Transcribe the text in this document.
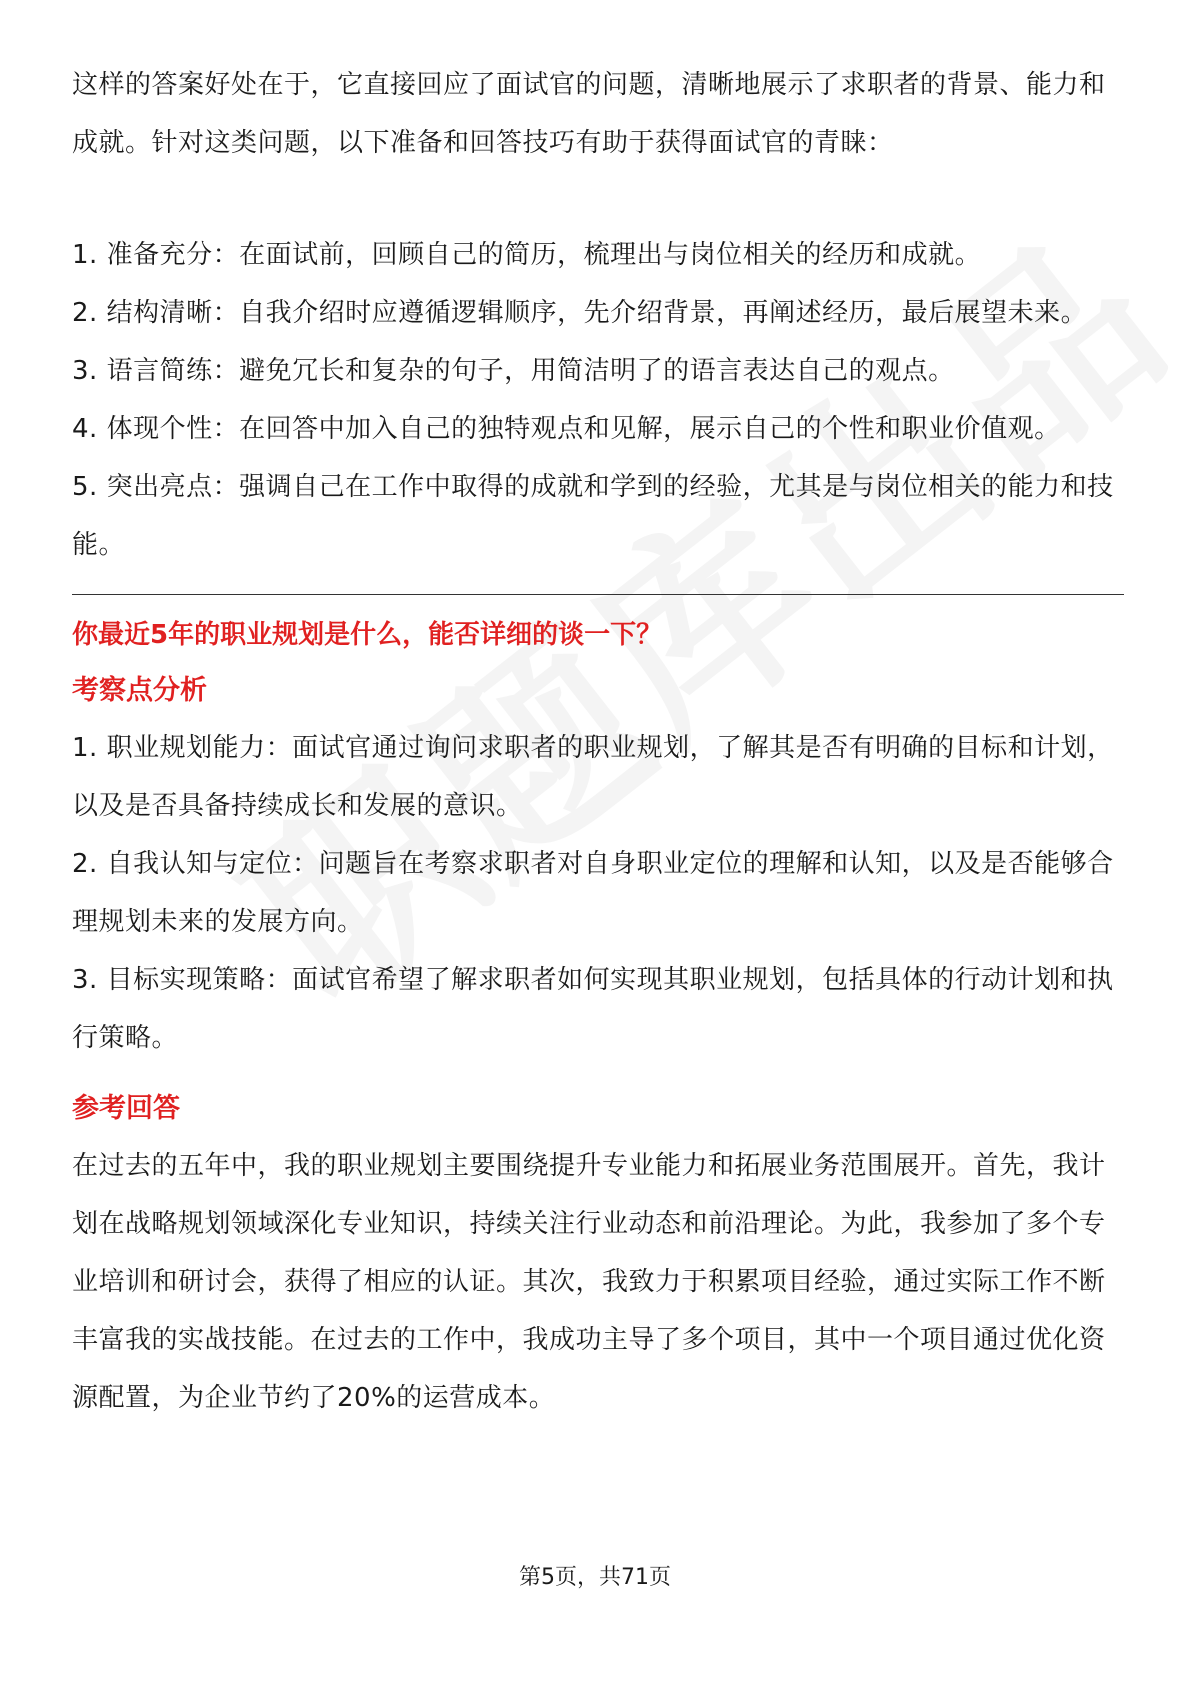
这样的答案好处在于，它直接回应了面试官的问题，清晰地展示了求职者的背景、能力和成就。针对这类问题，以下准备和回答技巧有助于获得面试官的青睐：

1. 准备充分：在面试前，回顾自己的简历，梳理出与岗位相关的经历和成就。

2. 结构清晰：自我介绍时应遵循逻辑顺序，先介绍背景，再阐述经历，最后展望未来。

3. 语言简练：避免冗长和复杂的句子，用简洁明了的语言表达自己的观点。

4. 体现个性：在回答中加入自己的独特观点和见解，展示自己的个性和职业价值观。

5. 突出亮点：强调自己在工作中取得的成就和学到的经验，尤其是与岗位相关的能力和技能。

你最近5年的职业规划是什么，能否详细的谈一下？
考察点分析

1. 职业规划能力：面试官通过询问求职者的职业规划，了解其是否有明确的目标和计划，以及是否具备持续成长和发展的意识。

2. 自我认知与定位：问题旨在考察求职者对自身职业定位的理解和认知，以及是否能够合理规划未来的发展方向。

3. 目标实现策略：面试官希望了解求职者如何实现其职业规划，包括具体的行动计划和执行策略。

参考回答

在过去的五年中，我的职业规划主要围绕提升专业能力和拓展业务范围展开。首先，我计划在战略规划领域深化专业知识，持续关注行业动态和前沿理论。为此，我参加了多个专业培训和研讨会，获得了相应的认证。其次，我致力于积累项目经验，通过实际工作不断丰富我的实战技能。在过去的工作中，我成功主导了多个项目，其中一个项目通过优化资源配置，为企业节约了20%的运营成本。

第5页，共71页
